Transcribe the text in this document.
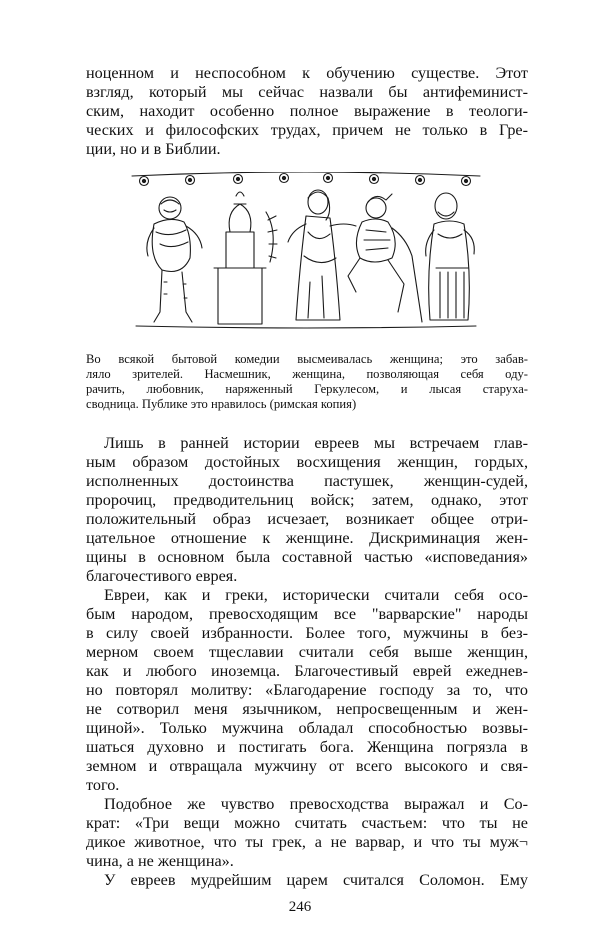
ноценном и неспособном к обучению существе. Этот
взгляд, который мы сейчас назвали бы антифеминист-
ским, находит особенно полное выражение в теологи-
ческих и философских трудах, причем не только в Гре-
ции, но и в Библии.
Во всякой бытовой комедии высмеивалась женщина; это забав-
ляло зрителей. Насмешник, женщина, позволяющая себя оду-
рачить, любовник, наряженный Геркулесом, и лысая старуха-
сводница. Публике это нравилось (римская копия)
Лишь в ранней истории евреев мы встречаем глав-
ным образом достойных восхищения женщин, гордых,
исполненных достоинства пастушек, женщин-судей,
пророчиц, предводительниц войск; затем, однако, этот
положительный образ исчезает, возникает общее отри-
цательное отношение к женщине. Дискриминация жен-
щины в основном была составной частью «исповедания»
благочестивого еврея.
Евреи, как и греки, исторически считали себя осо-
бым народом, превосходящим все "варварские" народы
в силу своей избранности. Более того, мужчины в без-
мерном своем тщеславии считали себя выше женщин,
как и любого иноземца. Благочестивый еврей ежеднев-
но повторял молитву: «Благодарение господу за то, что
не сотворил меня язычником, непросвещенным и жен-
щиной». Только мужчина обладал способностью возвы-
шаться духовно и постигать бога. Женщина погрязла в
земном и отвращала мужчину от всего высокого и свя-
того.
Подобное же чувство превосходства выражал и Со-
крат: «Три вещи можно считать счастьем: что ты не
дикое животное, что ты грек, а не варвар, и что ты муж¬
чина, а не женщина».
У евреев мудрейшим царем считался Соломон. Ему
246
